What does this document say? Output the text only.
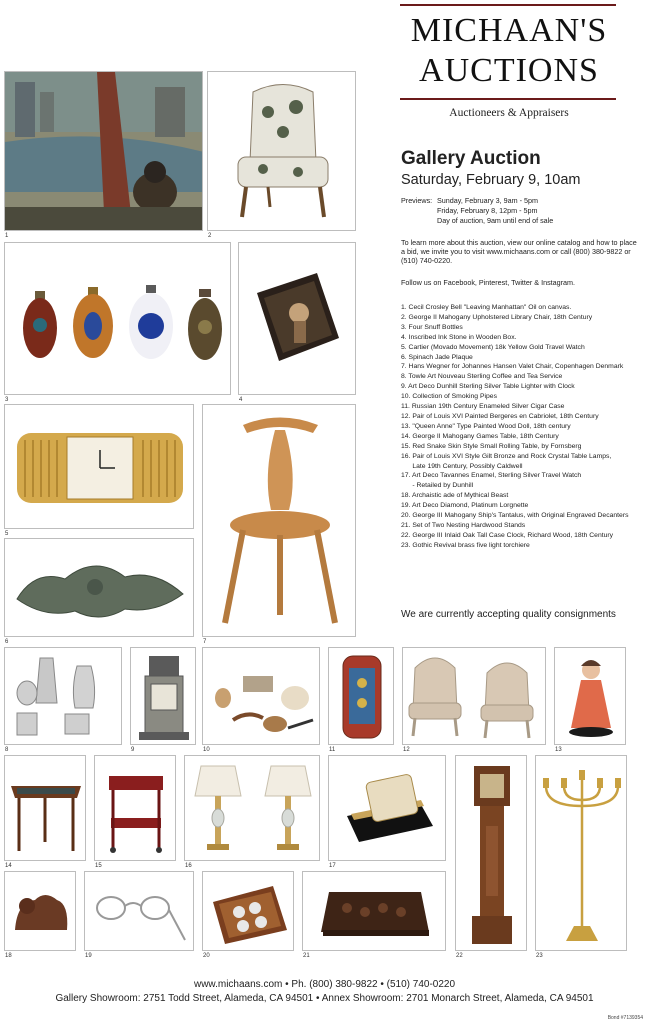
MICHAAN'S
AUCTIONS
Auctioneers & Appraisers
Gallery Auction
Saturday, February 9, 10am
Previews: Sunday, February 3, 9am - 5pm
Friday, February 8, 12pm - 5pm
Day of auction, 9am until end of sale
To learn more about this auction, view our online catalog and how to place a bid, we invite you to visit www.michaans.com or call (800) 380-9822 or (510) 740-0220.
Follow us on Facebook, Pinterest, Twitter & Instagram.
1. Cecil Crosley Bell "Leaving Manhattan" Oil on canvas.
2. George II Mahogany Upholstered Library Chair, 18th Century
3. Four Snuff Bottles
4. Inscribed Ink Stone in Wooden Box.
5. Cartier (Movado Movement) 18k Yellow Gold Travel Watch
6. Spinach Jade Plaque
7. Hans Wegner for Johannes Hansen Valet Chair, Copenhagen Denmark
8. Towle Art Nouveau Sterling Coffee and Tea Service
9. Art Deco Dunhill Sterling Silver Table Lighter with Clock
10. Collection of Smoking Pipes
11. Russian 19th Century Enameled Silver Cigar Case
12. Pair of Louis XVI Painted Bergeres en Cabriolet, 18th Century
13. "Queen Anne" Type Painted Wood Doll, 18th century
14. George II Mahogany Games Table, 18th Century
15. Red Snake Skin Style Small Rolling Table, by Fornsberg
16. Pair of Louis XVI Style Gilt Bronze and Rock Crystal Table Lamps,
Late 19th Century, Possibly Caldwell
17. Art Deco Tavannes Enamel, Sterling Silver Travel Watch
- Retailed by Dunhill
18. Archaistic ade of Mythical Beast
19. Art Deco Diamond, Platinum Lorgnette
20. George III Mahogany Ship's Tantalus, with Original Engraved Decanters
21. Set of Two Nesting Hardwood Stands
22. George III Inlaid Oak Tall Case Clock, Richard Wood, 18th Century
23. Gothic Revival brass five light torchiere
We are currently accepting quality consignments
1	2
3	4
5
6	7
8	9	10	11	12	13
14	15	16	17
22	23
18	19	20	21
www.michaans.com • Ph. (800) 380-9822 • (510) 740-0220
Gallery Showroom: 2751 Todd Street, Alameda, CA 94501 • Annex Showroom: 2701 Monarch Street, Alameda, CA 94501
Bond #7139354
